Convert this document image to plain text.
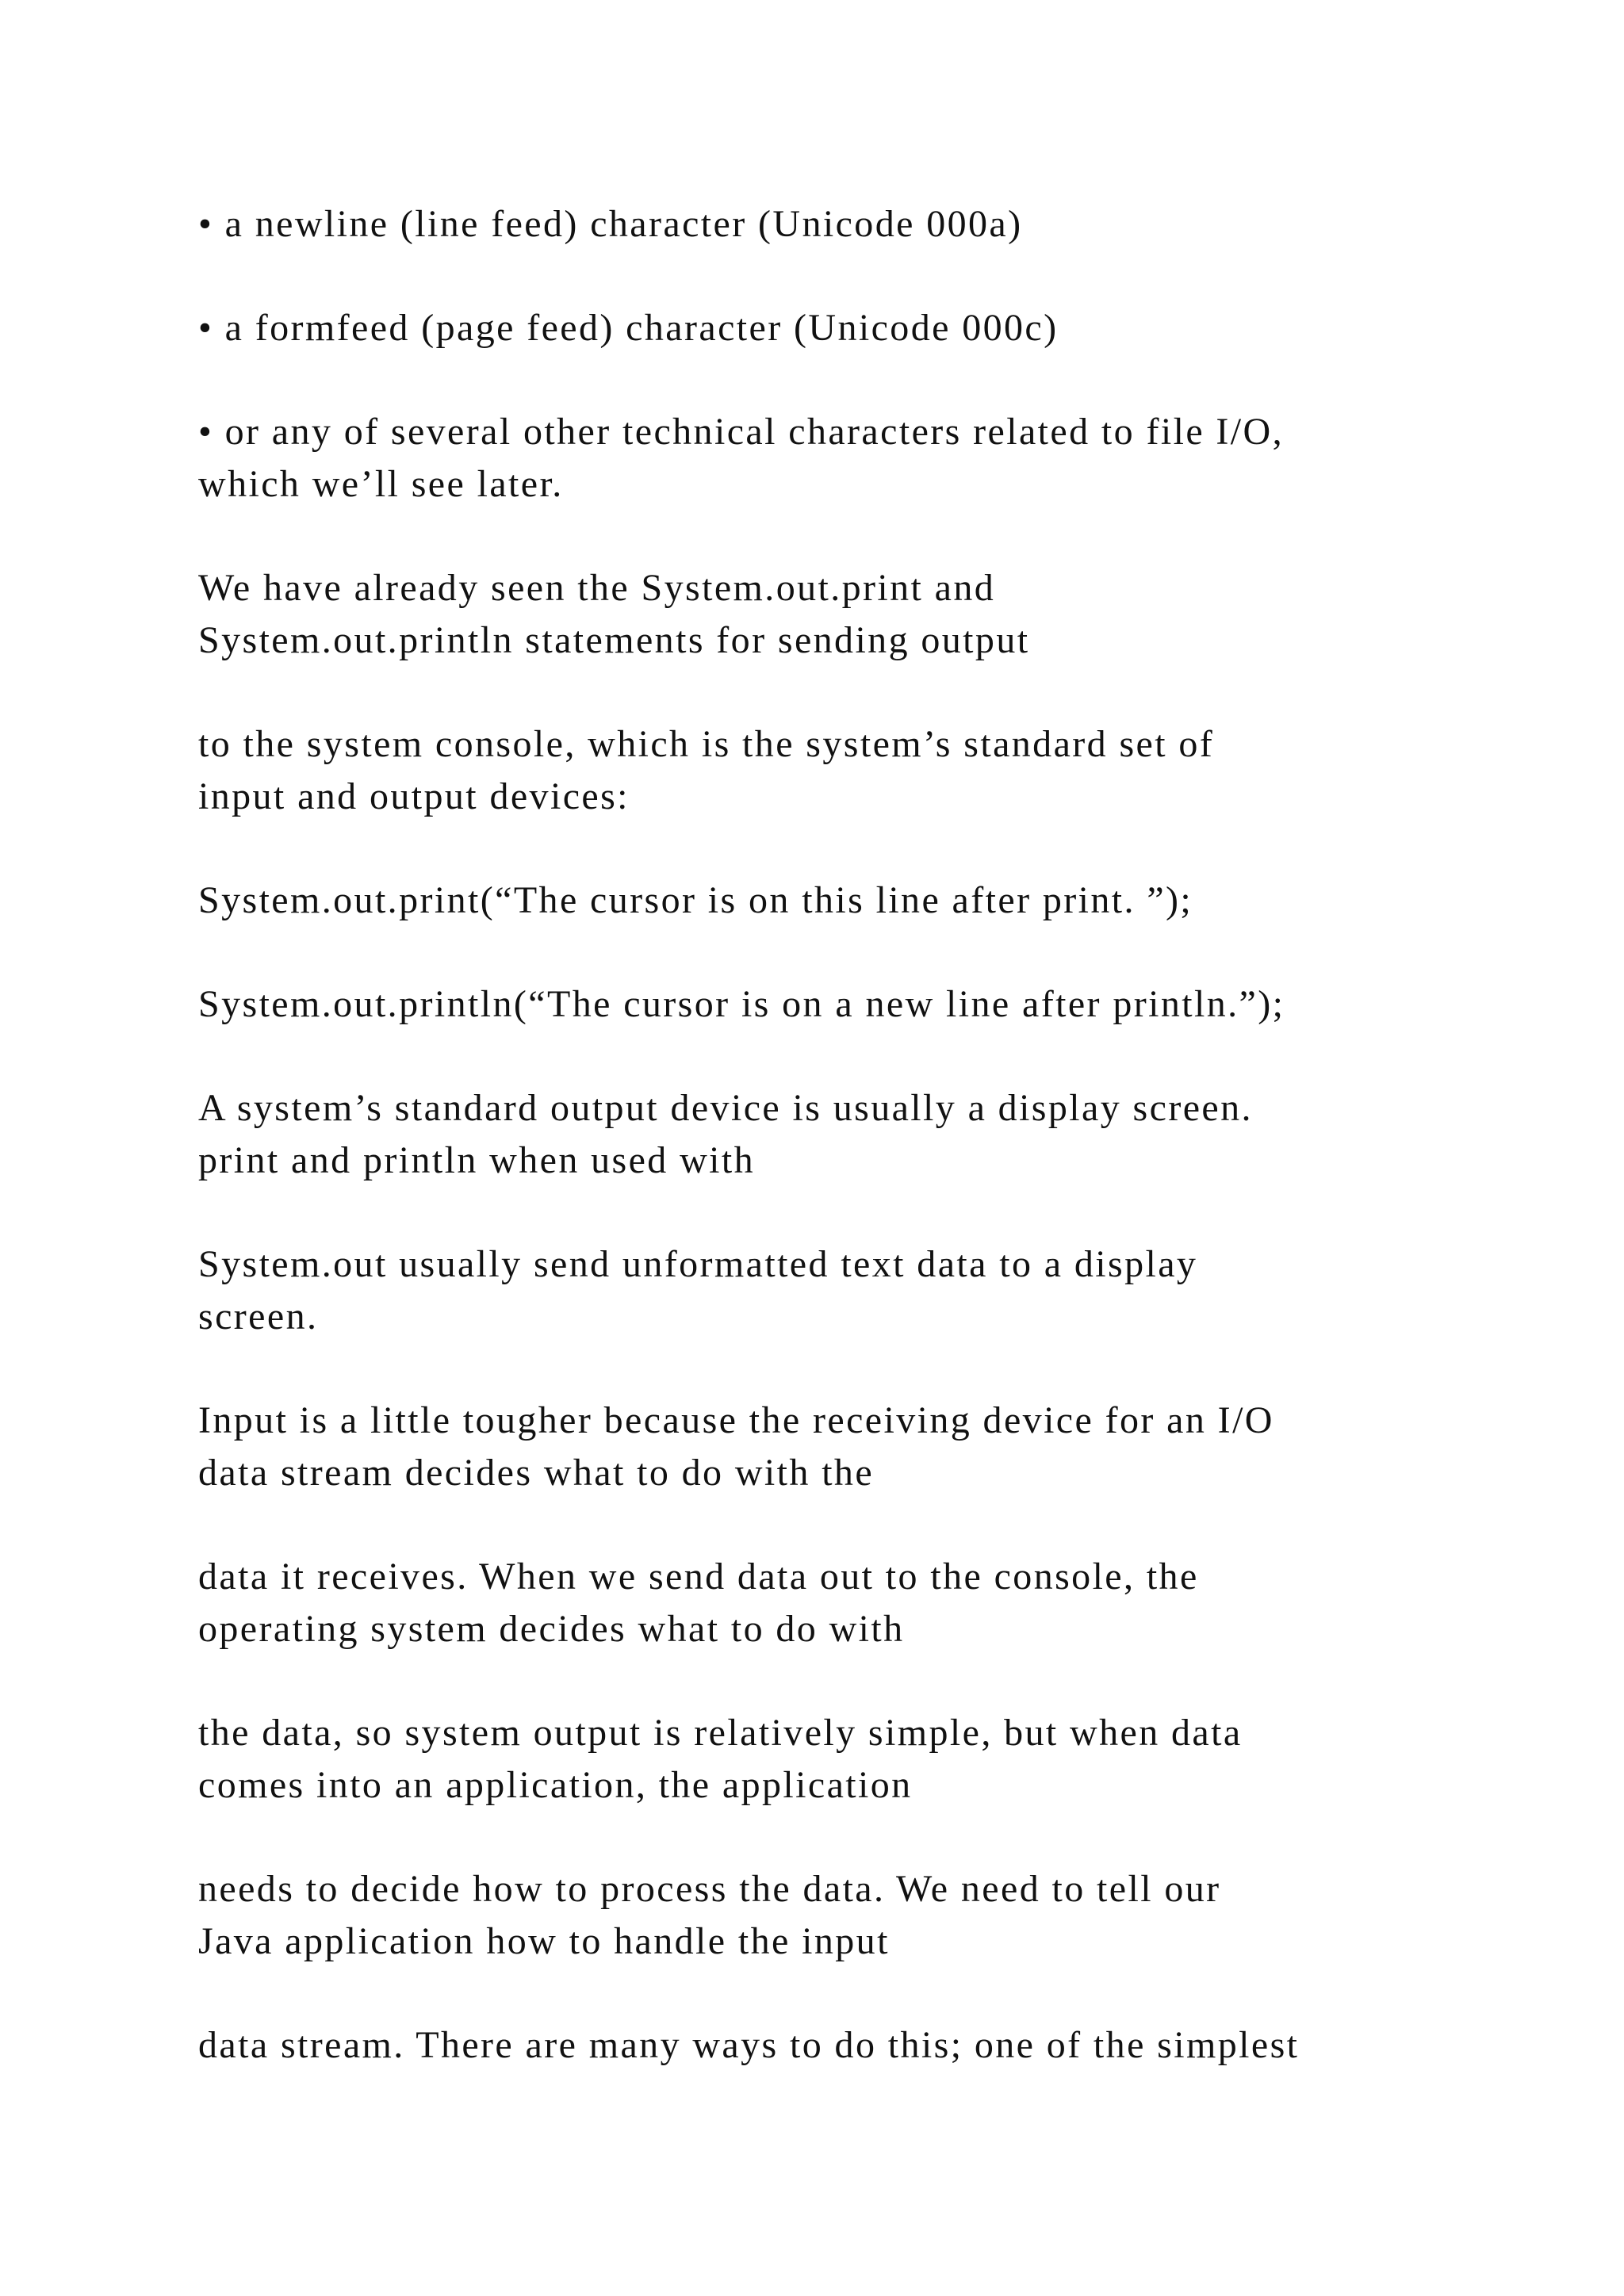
• a newline (line feed) character (Unicode 000a)

• a formfeed (page feed) character (Unicode 000c)

• or any of several other technical characters related to file I/O,
which we’ll see later.

We have already seen the System.out.print and
System.out.println statements for sending output

to the system console, which is the system’s standard set of
input and output devices:

System.out.print(“The cursor is on this line after print. ”);

System.out.println(“The cursor is on a new line after println.”);

A system’s standard output device is usually a display screen.
print and println when used with

System.out usually send unformatted text data to a display
screen.

Input is a little tougher because the receiving device for an I/O
data stream decides what to do with the

data it receives. When we send data out to the console, the
operating system decides what to do with

the data, so system output is relatively simple, but when data
comes into an application, the application

needs to decide how to process the data. We need to tell our
Java application how to handle the input

data stream. There are many ways to do this; one of the simplest
